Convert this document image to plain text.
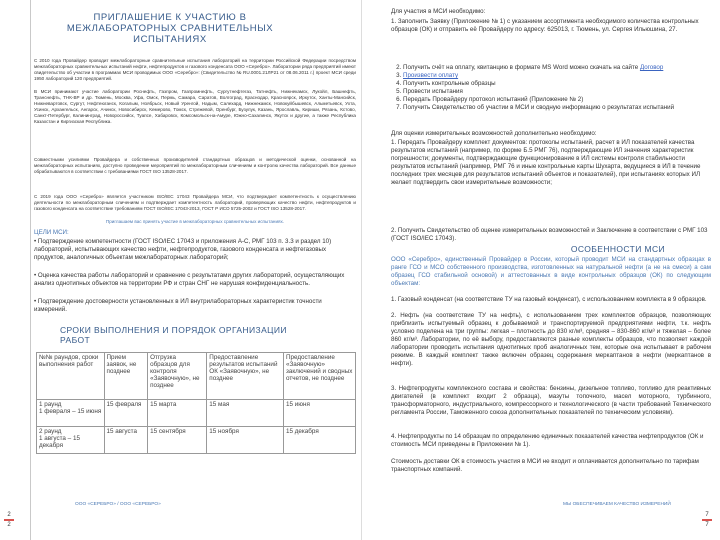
ПРИГЛАШЕНИЕ К УЧАСТИЮ В МЕЖЛАБОРАТОРНЫХ СРАВНИТЕЛЬНЫХ ИСПЫТАНИЯХ

С 2010 года Провайдер проводит межлабораторные сравнительные испытания лабораторий на территории Российской Федерации посредством межлабораторных сравнительных испытаний нефти, нефтепродуктов и газового конденсата ООО «Серебро». Лаборатории ряда предприятий имеют свидетельство об участии в программах МСИ проводимых ООО «Серебро»: (Свидетельство № RU.0001.21ЛР21 от 08.06.2011 г.) проект МСИ среди 1950 лабораторий 120 предприятий.

В МСИ принимают участие лаборатории Роснефть, Газпром, Газпромнефть, Сургутнефтегаз, Татнефть, Нижнекамск, Лукойл, Башнефть, Транснефть, ТНК-ВР и др. Тюмень, Москва, Уфа, Омск, Пермь, Самара, Саратов, Волгоград, Краснодар, Красноярск, Иркутск, Ханты-Мансийск, Нижневартовск, Сургут, Нефтеюганск, Когалым, Ноябрьск, Новый Уренгой, Надым, Салехард, Нижнекамск, Новокуйбышевск, Альметьевск, Ухта, Усинск, Архангельск, Ангарск, Ачинск, Новосибирск, Кемерово, Томск, Стрежевой, Оренбург, Бузулук, Казань, Ярославль, Кириши, Рязань, Кстово, Санкт-Петербург, Калининград, Новороссийск, Туапсе, Хабаровск, Комсомольск-на-Амуре, Южно-Сахалинск, Якутск и другие, а также Республика Казахстан и Киргизская Республика.

Совместными усилиями Провайдера и собственных производителей стандартных образцов и методической оценки, основанной на межлабораторных испытаниях, доступно проведение мероприятий по межлабораторным сличениям и контролю качества лабораторий. Все данные обрабатываются в соответствии с требованиями ГОСТ ISO 13528-2017.

С 2019 года ООО «Серебро» является участником ISO/IEC 17043 Провайдера МСИ, что подтверждает компетентность к осуществлению деятельности по межлабораторным сличениям и подтверждает компетентность лабораторий, проверяющих качество нефти, нефтепродуктов и газового конденсата на соответствие требованиям ГОСТ ISO/IEC 17043-2013, ГОСТ Р ИСО 5725-2002 и ГОСТ ISO 13528-2017.

Приглашаем вас принять участие в межлабораторных сравнительных испытаниях.

ЦЕЛИ МСИ:

• Подтверждение компетентности (ГОСТ ISO/IEC 17043 и приложения А-С, РМГ 103 п. 3.3 и раздел 10) лабораторий, испытывающих качество нефти, нефтепродуктов, газового конденсата и нефтегазовых продуктов, аналогичных объектам межлабораторных лабораторий;

• Оценка качества работы лабораторий и сравнение с результатами других лабораторий, осуществляющих анализ однотипных объектов на территории РФ и стран СНГ не нарушая конфиденциальность.

• Подтверждение достоверности установленных в ИЛ внутрилабораторных характеристик точности измерений.

СРОКИ ВЫПОЛНЕНИЯ И ПОРЯДОК ОРГАНИЗАЦИИ РАБОТ

№№ раундов, сроки выполнения работ	Прием заявок, не позднее	Отгрузка образцов для контроля «Заявочную», не позднее	Предоставление результатов испытаний ОК «Заявочную», не позднее	Предоставление «Заявочную» заключений и сводных отчетов, не позднее
1 раунд
1 февраля – 15 июня	15 февраля	15 марта	15 мая	15 июня
2 раунд
1 августа – 15 декабря	15 августа	15 сентября	15 ноября	15 декабря
ООО «СЕРЕБРО» / ООО «СЕРЕБРО»
2
2

Для участия в МСИ необходимо:

1. Заполнить Заявку (Приложение № 1) с указанием ассортимента необходимого количества контрольных образцов (ОК) и отправить её Провайдеру по адресу: 625013, г. Тюмень, ул. Сергея Ильюшина, 27.

2. Получить счёт на оплату, квитанцию в формате MS Word можно скачать на сайте Договор
3. Произвести оплату
4. Получить контрольные образцы
5. Провести испытания
6. Передать Провайдеру протокол испытаний (Приложение № 2)
7. Получить Свидетельство об участии в МСИ и сводную информацию о результатах испытаний

Для оценки измерительных возможностей дополнительно необходимо:

1. Передать Провайдеру комплект документов: протоколы испытаний, расчет в ИЛ показателей качества результатов испытаний (например, по форме Б.5 РМГ 76), подтверждающие ИЛ значения характеристик погрешности; документы, подтверждающие функционирование в ИЛ системы контроля стабильности результатов испытаний (например, РМГ 76 и иные контрольные карты Шухарта, ведущиеся в ИЛ в течение последних трех месяцев для результатов испытаний объектов и показателей), при испытаниях которых ИЛ желает подтвердить свои измерительные возможности;

2. Получить Свидетельство об оценке измерительных возможностей и Заключение в соответствии с РМГ 103 (ГОСТ ISO/IEC 17043).

ОСОБЕННОСТИ МСИ

ООО «Серебро», единственный Провайдер в России, который проводит МСИ на стандартных образцах в ранге ГСО и МСО собственного производства, изготовленных на натуральной нефти (а не на смеси) а сам образец ГСО стабильной основой) и аттестованных в виде контрольных образцов (ОК) по следующим объектам:

1. Газовый конденсат (на соответствие ТУ на газовый конденсат), с использованием комплекта в 9 образцов.

2. Нефть (на соответствие ТУ на нефть), с использованием трех комплектов образцов, позволяющих приблизить испытуемый образец к добываемой и транспортируемой предприятиями нефти, т.к. нефть условно поделена на три группы: легкая – плотность до 830 кг/м³, средняя – 830-860 кг/м³ и тяжелая – более 860 кг/м³. Лаборатории, по её выбору, предоставляются разные комплекты образцов, что позволяет каждой лаборатории проводить испытания однотипных проб аналогичных тем, которые она испытывает в рабочем режиме. В каждый комплект также включен образец содержания меркаптанов в нефти (меркаптанов в нефти).

3. Нефтепродукты комплексного состава и свойства: бензины, дизельное топливо, топливо для реактивных двигателей (в комплект входит 2 образца), мазуты топочного, масел моторного, турбинного, трансформаторного, индустриального, компрессорного и технологического (в части требований Технического регламента России, Таможенного союза дополнительных показателей по техническим условиям).

4. Нефтепродукты по 14 образцам по определению единичных показателей качества нефтепродуктов (ОК и стоимость МСИ приведены в Приложении № 1).

Стоимость доставки ОК в стоимость участия в МСИ не входит и оплачивается дополнительно по тарифам транспортных компаний.

МЫ ОБЕСПЕЧИВАЕМ КАЧЕСТВО ИЗМЕРЕНИЙ
7
7
